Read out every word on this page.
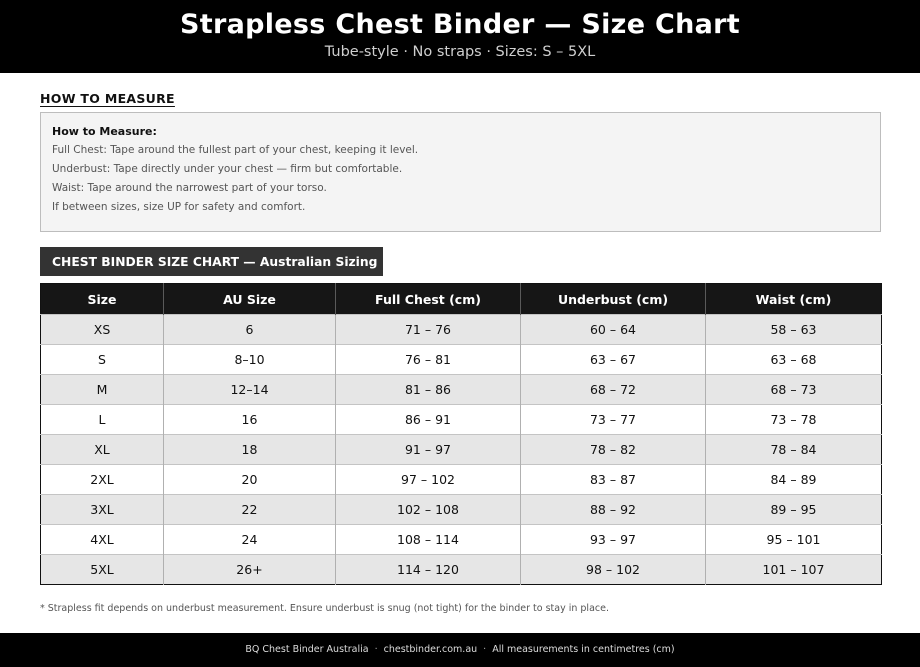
Strapless Chest Binder — Size Chart
Tube-style · No straps · Sizes: S – 5XL
HOW TO MEASURE
How to Measure:
Full Chest: Tape around the fullest part of your chest, keeping it level.
Underbust: Tape directly under your chest — firm but comfortable.
Waist: Tape around the narrowest part of your torso.
If between sizes, size UP for safety and comfort.
CHEST BINDER SIZE CHART — Australian Sizing
Size	AU Size	Full Chest (cm)	Underbust (cm)	Waist (cm)
XS	6	71 – 76	60 – 64	58 – 63
S	8–10	76 – 81	63 – 67	63 – 68
M	12–14	81 – 86	68 – 72	68 – 73
L	16	86 – 91	73 – 77	73 – 78
XL	18	91 – 97	78 – 82	78 – 84
2XL	20	97 – 102	83 – 87	84 – 89
3XL	22	102 – 108	88 – 92	89 – 95
4XL	24	108 – 114	93 – 97	95 – 101
5XL	26+	114 – 120	98 – 102	101 – 107
* Strapless fit depends on underbust measurement. Ensure underbust is snug (not tight) for the binder to stay in place.
BQ Chest Binder Australia · chestbinder.com.au · All measurements in centimetres (cm)
